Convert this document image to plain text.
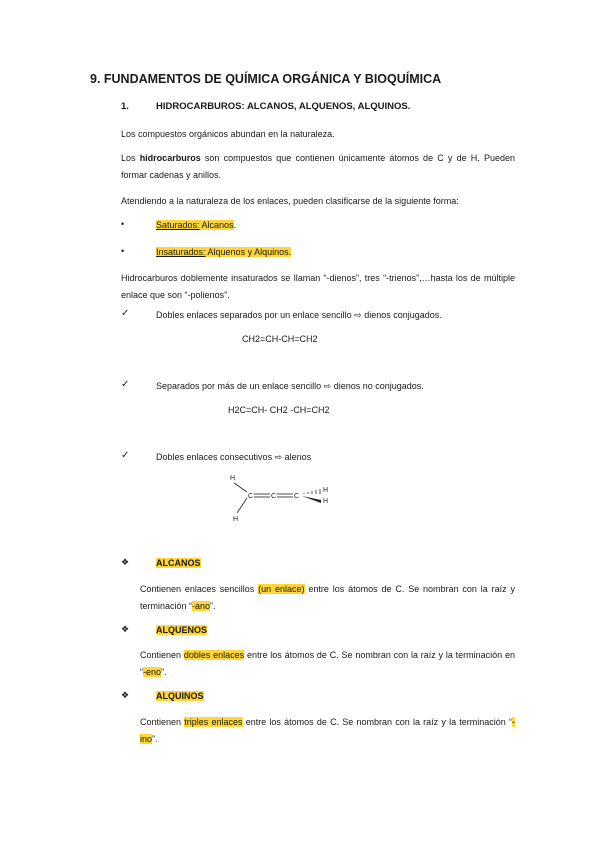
9. FUNDAMENTOS DE QUÍMICA ORGÁNICA Y BIOQUÍMICA
1.	HIDROCARBUROS: ALCANOS, ALQUENOS, ALQUINOS.
Los compuestos orgánicos abundan en la naturaleza.
Los hidrocarburos son compuestos que contienen únicamente átomos de C y de H. Pueden formar cadenas y anillos.
Atendiendo a la naturaleza de los enlaces, pueden clasificarse de la siguiente forma:
•	Saturados: Alcanos.
•	Insaturados: Alquenos y Alquinos.
Hidrocarburos doblemente insaturados se llaman “-dienos”, tres “-trienos”,…hasta los de múltiple enlace que son “-polienos”.
✓	Dobles enlaces separados por un enlace sencillo ⇨ dienos conjugados.
CH2=CH-CH=CH2
✓	Separados por más de un enlace sencillo ⇨ dienos no conjugados.
H2C=CH- CH2 -CH=CH2
✓	Dobles enlaces consecutivos ⇨ alenos
H
H
C	C	C
H
H
❖	ALCANOS
Contienen enlaces sencillos (un enlace) entre los átomos de C. Se nombran con la raíz y terminación “-ano”.
❖	ALQUENOS
Contienen dobles enlaces entre los átomos de C. Se nombran con la raíz y la terminación en “-eno”.
❖	ALQUINOS
Contienen triples enlaces entre los átomos de C. Se nombran con la raíz y la terminación “-ino”.
